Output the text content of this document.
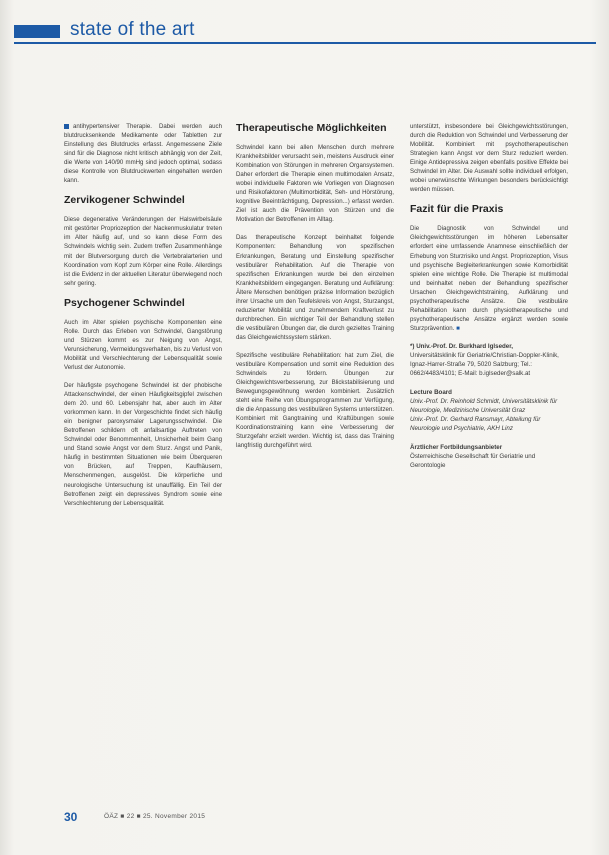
state of the art

antihypertensiver Therapie. Dabei werden auch blutdrucksenkende Medikamente oder Tabletten zur Einstellung des Blutdrucks erfasst. Angemessene Ziele sind für die Diagnose nicht kritisch abhängig von der Zeit, die Werte von 140/90 mmHg sind jedoch optimal, sodass diese Kontrolle von Blutdruckwerten eingehalten werden kann.

Zervikogener Schwindel

Diese degenerative Veränderungen der Halswirbelsäule mit gestörter Propriozeption der Nackenmuskulatur treten im Alter häufig auf, und so kann diese Form des Schwindels wichtig sein. Zudem treffen Zusammenhänge mit der Blutversorgung durch die Vertebralarterien und Koordination vom Kopf zum Körper eine Rolle. Allerdings ist die Evidenz in der aktuellen Literatur überwiegend noch sehr gering.

Psychogener Schwindel

Auch im Alter spielen psychische Komponenten eine Rolle. Durch das Erleben von Schwindel, Gangstörung und Stürzen kommt es zur Neigung von Angst, Verunsicherung, Vermeidungsverhalten, bis zu Verlust von Mobilität und Verschlechterung der Lebensqualität sowie Verlust der Autonomie.

Der häufigste psychogene Schwindel ist der phobische Attackenschwindel, der einen Häufigkeitsgipfel zwischen dem 20. und 60. Lebensjahr hat, aber auch im Alter vorkommen kann. In der Vorgeschichte findet sich häufig ein benigner paroxysmaler Lagerungsschwindel. Die Betroffenen schildern oft anfallsartige Auftreten von Schwindel oder Benommenheit, Unsicherheit beim Gang und Stand sowie Angst vor dem Sturz. Angst und Panik, häufig in bestimmten Situationen wie beim Überqueren von Brücken, auf Treppen, Kaufhäusern, Menschenmengen, ausgelöst. Die körperliche und neurologische Untersuchung ist unauffällig. Ein Teil der Betroffenen zeigt ein depressives Syndrom sowie eine Verschlechterung der Lebensqualität.

Therapeutische Möglichkeiten

Schwindel kann bei allen Menschen durch mehrere Krankheitsbilder verursacht sein, meistens Ausdruck einer Kombination von Störungen in mehreren Organsystemen. Daher erfordert die Therapie einen multimodalen Ansatz, wobei individuelle Faktoren wie Vorliegen von Diagnosen und Risikofaktoren (Multimorbidität, Seh- und Hörstörung, kognitive Beeinträchtigung, Depression...) erfasst werden. Ziel ist auch die Prävention von Stürzen und die Motivation der Betroffenen im Alltag.

Das therapeutische Konzept beinhaltet folgende Komponenten: Behandlung von spezifischen Erkrankungen, Beratung und Einstellung spezifischer vestibulärer Rehabilitation. Auf die Therapie von spezifischen Erkrankungen wurde bei den einzelnen Krankheitsbildern eingegangen. Beratung und Aufklärung: Ältere Menschen benötigen präzise Information bezüglich ihrer Ursache um den Teufelskreis von Angst, Sturzangst, reduzierter Mobilität und zunehmendem Kraftverlust zu durchbrechen. Ein wichtiger Teil der Behandlung stellen die vestibulären Übungen dar, die durch gezieltes Training das Gleichgewichtssystem stärken.

Spezifische vestibuläre Rehabilitation: hat zum Ziel, die vestibuläre Kompensation und somit eine Reduktion des Schwindels zu fördern. Übungen zur Gleichgewichtsverbesserung, zur Blickstabilisierung und Bewegungsgewöhnung werden kombiniert. Zusätzlich steht eine Reihe von Übungsprogrammen zur Verfügung, die die Anpassung des vestibulären Systems unterstützen. Kombiniert mit Gangtraining und Kraftübungen sowie Koordinationstraining kann eine Verbesserung der Sturzgefahr erzielt werden. Wichtig ist, dass das Training langfristig durchgeführt wird.

unterstützt, insbesondere bei Gleichgewichtsstörungen, durch die Reduktion von Schwindel und Verbesserung der Mobilität. Kombiniert mit psychotherapeutischen Strategien kann Angst vor dem Sturz reduziert werden. Einige Antidepressiva zeigen ebenfalls positive Effekte bei Schwindel im Alter. Die Auswahl sollte individuell erfolgen, wobei unerwünschte Wirkungen besonders berücksichtigt werden müssen.

Fazit für die Praxis

Die Diagnostik von Schwindel und Gleichgewichtsstörungen im höheren Lebensalter erfordert eine umfassende Anamnese einschließlich der Erhebung von Sturzrisiko und Angst. Propriozeption, Visus und psychische Begleiterkrankungen sowie Komorbidität spielen eine wichtige Rolle. Die Therapie ist multimodal und beinhaltet neben der Behandlung spezifischer Ursachen Gleichgewichtstraining, Aufklärung und psychotherapeutische Ansätze. Die vestibuläre Rehabilitation kann durch physiotherapeutische und psychotherapeutische Ansätze ergänzt werden sowie Sturzprävention. ■

*) Univ.-Prof. Dr. Burkhard Iglseder,
Universitätsklinik für Geriatrie/Christian-Doppler-Klinik, Ignaz-Harrer-Straße 79, 5020 Salzburg; Tel.: 0662/4483/4101; E-Mail: b.iglseder@salk.at
Lecture Board
Univ.-Prof. Dr. Reinhold Schmidt, Universitätsklinik für Neurologie, Medizinische Universität Graz
Univ.-Prof. Dr. Gerhard Ransmayr, Abteilung für Neurologie und Psychiatrie, AKH Linz
Ärztlicher Fortbildungsanbieter
Österreichische Gesellschaft für Geriatrie und Gerontologie
30	ÖÄZ ■ 22 ■ 25. November 2015
